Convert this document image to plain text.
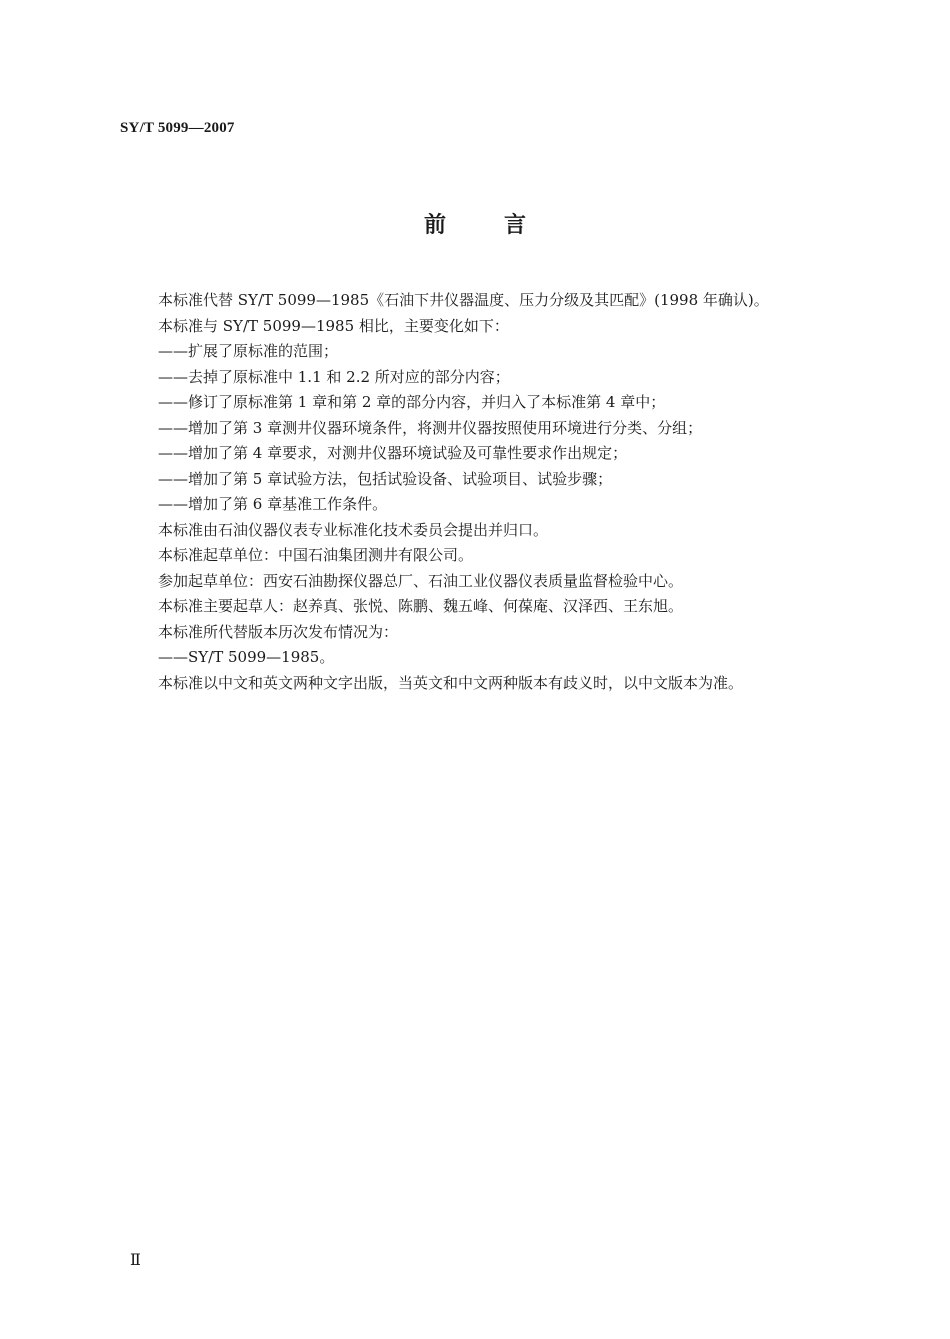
SY/T 5099—2007
前	言

本标准代替 SY/T 5099—1985《石油下井仪器温度、压力分级及其匹配》(1998 年确认)。

本标准与 SY/T 5099—1985 相比，主要变化如下：

——扩展了原标准的范围；

——去掉了原标准中 1.1 和 2.2 所对应的部分内容；

——修订了原标准第 1 章和第 2 章的部分内容，并归入了本标准第 4 章中；

——增加了第 3 章测井仪器环境条件，将测井仪器按照使用环境进行分类、分组；

——增加了第 4 章要求，对测井仪器环境试验及可靠性要求作出规定；

——增加了第 5 章试验方法，包括试验设备、试验项目、试验步骤；

——增加了第 6 章基准工作条件。

本标准由石油仪器仪表专业标准化技术委员会提出并归口。

本标准起草单位：中国石油集团测井有限公司。

参加起草单位：西安石油勘探仪器总厂、石油工业仪器仪表质量监督检验中心。

本标准主要起草人：赵养真、张悦、陈鹏、魏五峰、何葆庵、汉泽西、王东旭。

本标准所代替版本历次发布情况为：

——SY/T 5099—1985。

本标准以中文和英文两种文字出版，当英文和中文两种版本有歧义时，以中文版本为准。

Ⅱ
